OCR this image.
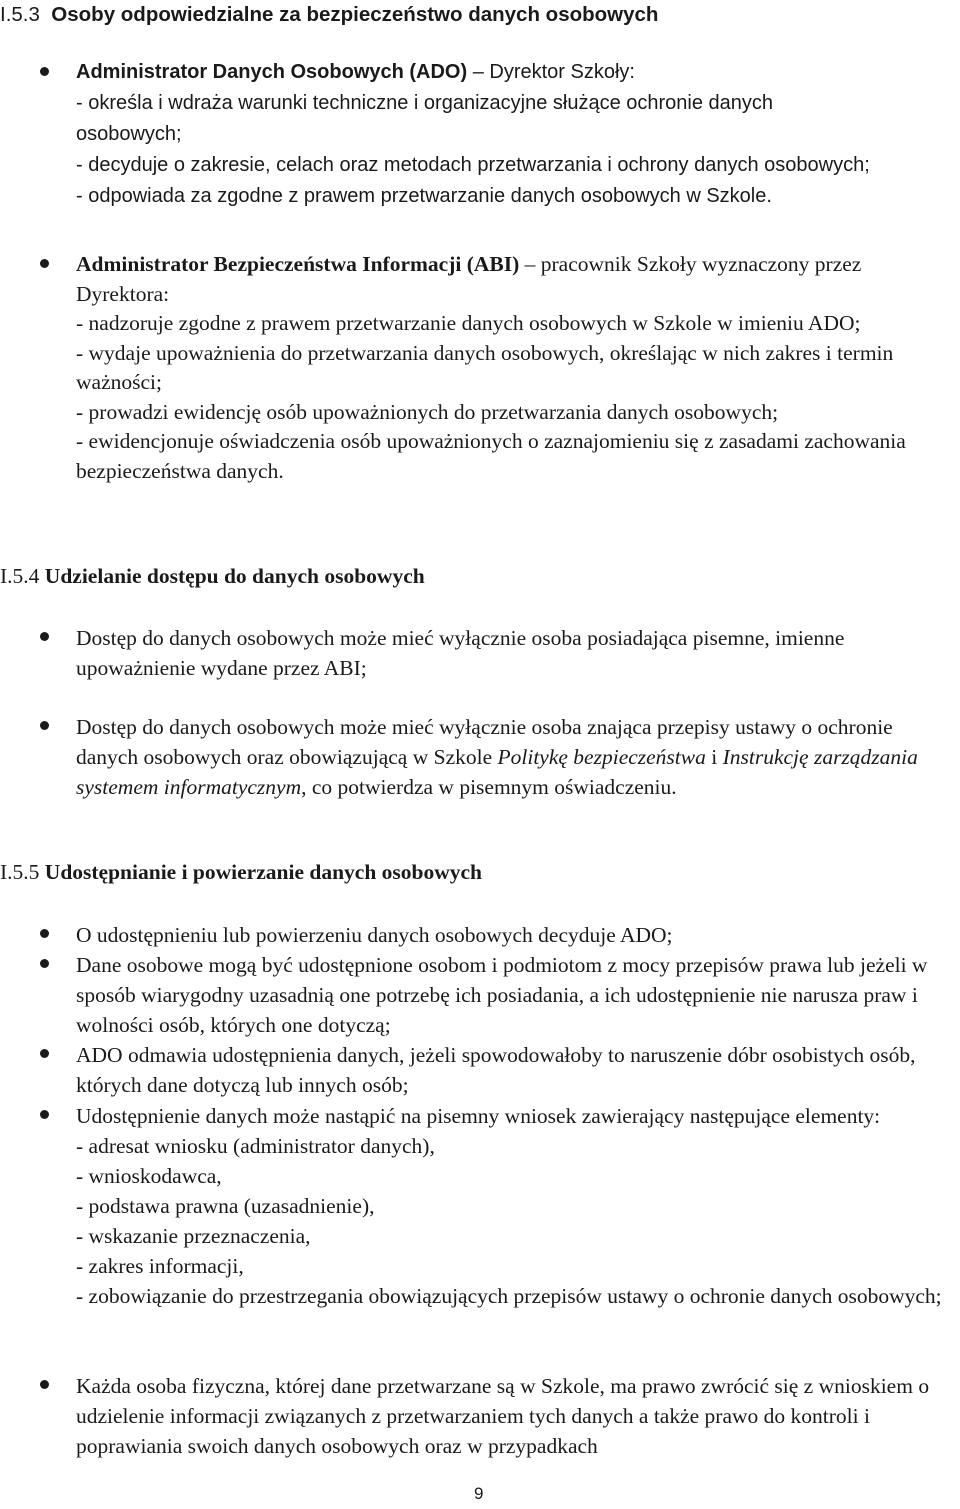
I.5.3 Osoby odpowiedzialne za bezpieczeństwo danych osobowych

Administrator Danych Osobowych (ADO) – Dyrektor Szkoły:

- określa i wdraża warunki techniczne i organizacyjne służące ochronie danych osobowych;

- decyduje o zakresie, celach oraz metodach przetwarzania i ochrony danych osobowych;

- odpowiada za zgodne z prawem przetwarzanie danych osobowych w Szkole.

Administrator Bezpieczeństwa Informacji (ABI) – pracownik Szkoły wyznaczony przez Dyrektora:

- nadzoruje zgodne z prawem przetwarzanie danych osobowych w Szkole w imieniu ADO;

- wydaje upoważnienia do przetwarzania danych osobowych, określając w nich zakres i termin ważności;

- prowadzi ewidencję osób upoważnionych do przetwarzania danych osobowych;

- ewidencjonuje oświadczenia osób upoważnionych o zaznajomieniu się z zasadami zachowania bezpieczeństwa danych.

I.5.4 Udzielanie dostępu do danych osobowych

Dostęp do danych osobowych może mieć wyłącznie osoba posiadająca pisemne, imienne upoważnienie wydane przez ABI;

Dostęp do danych osobowych może mieć wyłącznie osoba znająca przepisy ustawy o ochronie danych osobowych oraz obowiązującą w Szkole Politykę bezpieczeństwa i Instrukcję zarządzania systemem informatycznym, co potwierdza w pisemnym oświadczeniu.

I.5.5 Udostępnianie i powierzanie danych osobowych

O udostępnieniu lub powierzeniu danych osobowych decyduje ADO;

Dane osobowe mogą być udostępnione osobom i podmiotom z mocy przepisów prawa lub jeżeli w sposób wiarygodny uzasadnią one potrzebę ich posiadania, a ich udostępnienie nie narusza praw i wolności osób, których one dotyczą;

ADO odmawia udostępnienia danych, jeżeli spowodowałoby to naruszenie dóbr osobistych osób, których dane dotyczą lub innych osób;

Udostępnienie danych może nastąpić na pisemny wniosek zawierający następujące elementy:

- adresat wniosku (administrator danych),

- wnioskodawca,

- podstawa prawna (uzasadnienie),

- wskazanie przeznaczenia,

- zakres informacji,

- zobowiązanie do przestrzegania obowiązujących przepisów ustawy o ochronie danych osobowych;

Każda osoba fizyczna, której dane przetwarzane są w Szkole, ma prawo zwrócić się z wnioskiem o udzielenie informacji związanych z przetwarzaniem tych danych a także prawo do kontroli i poprawiania swoich danych osobowych oraz w przypadkach

9
